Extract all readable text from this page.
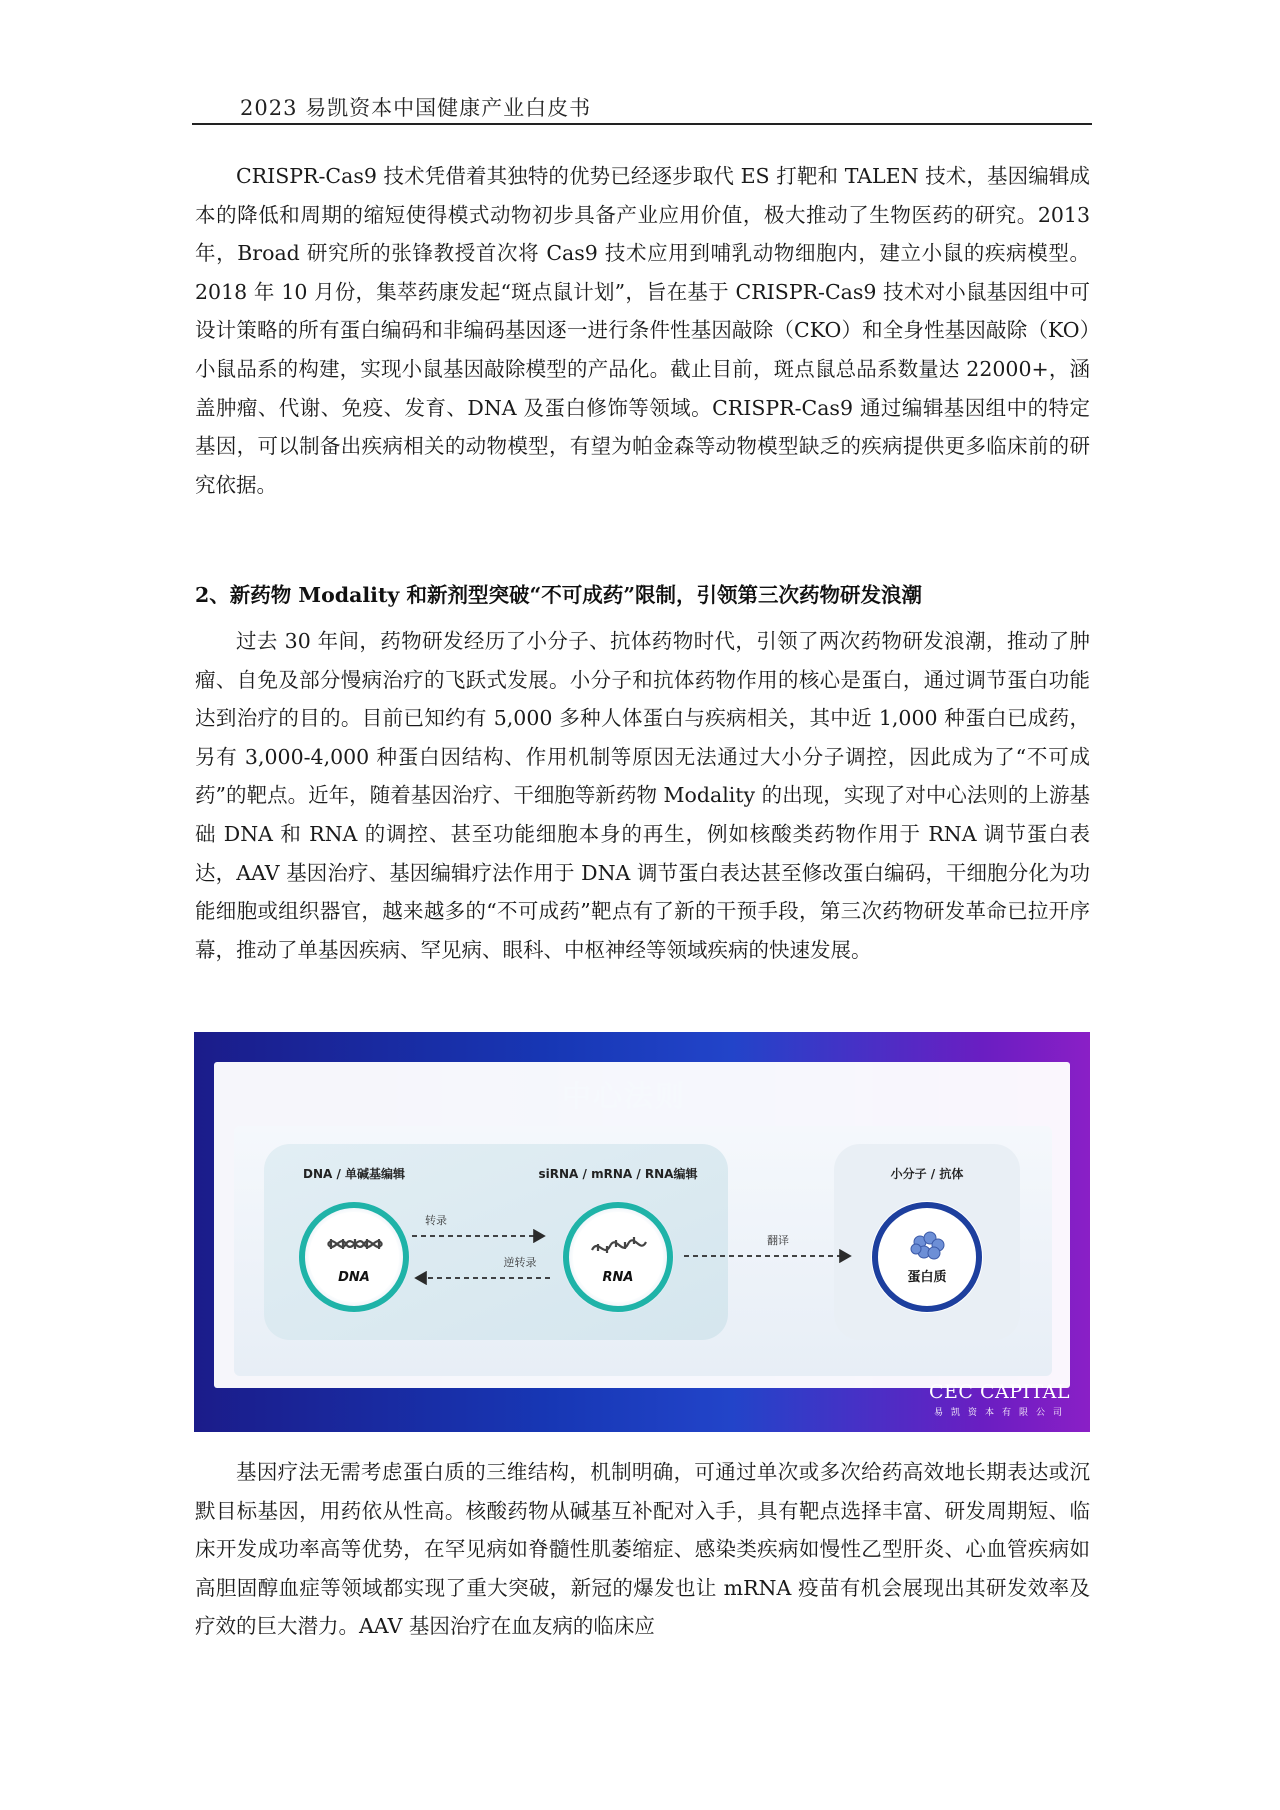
2023 易凯资本中国健康产业白皮书

CRISPR-Cas9 技术凭借着其独特的优势已经逐步取代 ES 打靶和 TALEN 技术，基因编辑成本的降低和周期的缩短使得模式动物初步具备产业应用价值，极大推动了生物医药的研究。2013 年，Broad 研究所的张锋教授首次将 Cas9 技术应用到哺乳动物细胞内，建立小鼠的疾病模型。2018 年 10 月份，集萃药康发起“斑点鼠计划”，旨在基于 CRISPR-Cas9 技术对小鼠基因组中可设计策略的所有蛋白编码和非编码基因逐一进行条件性基因敲除（CKO）和全身性基因敲除（KO）小鼠品系的构建，实现小鼠基因敲除模型的产品化。截止目前，斑点鼠总品系数量达 22000+，涵盖肿瘤、代谢、免疫、发育、DNA 及蛋白修饰等领域。CRISPR-Cas9 通过编辑基因组中的特定基因，可以制备出疾病相关的动物模型，有望为帕金森等动物模型缺乏的疾病提供更多临床前的研究依据。

2、新药物 Modality 和新剂型突破“不可成药”限制，引领第三次药物研发浪潮

过去 30 年间，药物研发经历了小分子、抗体药物时代，引领了两次药物研发浪潮，推动了肿瘤、自免及部分慢病治疗的飞跃式发展。小分子和抗体药物作用的核心是蛋白，通过调节蛋白功能达到治疗的目的。目前已知约有 5,000 多种人体蛋白与疾病相关，其中近 1,000 种蛋白已成药，另有 3,000-4,000 种蛋白因结构、作用机制等原因无法通过大小分子调控，因此成为了“不可成药”的靶点。近年，随着基因治疗、干细胞等新药物 Modality 的出现，实现了对中心法则的上游基础 DNA 和 RNA 的调控、甚至功能细胞本身的再生，例如核酸类药物作用于 RNA 调节蛋白表达，AAV 基因治疗、基因编辑疗法作用于 DNA 调节蛋白表达甚至修改蛋白编码，干细胞分化为功能细胞或组织器官，越来越多的“不可成药”靶点有了新的干预手段，第三次药物研发革命已拉开序幕，推动了单基因疾病、罕见病、眼科、中枢神经等领域疾病的快速发展。

DNA / 单碱基编辑	siRNA / mRNA / RNA编辑	小分子 / 抗体
DNA	RNA	蛋白质
转录
逆转录
翻译
CEC CAPITAL
易凯资本有限公司

基因疗法无需考虑蛋白质的三维结构，机制明确，可通过单次或多次给药高效地长期表达或沉默目标基因，用药依从性高。核酸药物从碱基互补配对入手，具有靶点选择丰富、研发周期短、临床开发成功率高等优势，在罕见病如脊髓性肌萎缩症、感染类疾病如慢性乙型肝炎、心血管疾病如高胆固醇血症等领域都实现了重大突破，新冠的爆发也让 mRNA 疫苗有机会展现出其研发效率及疗效的巨大潜力。AAV 基因治疗在血友病的临床应
